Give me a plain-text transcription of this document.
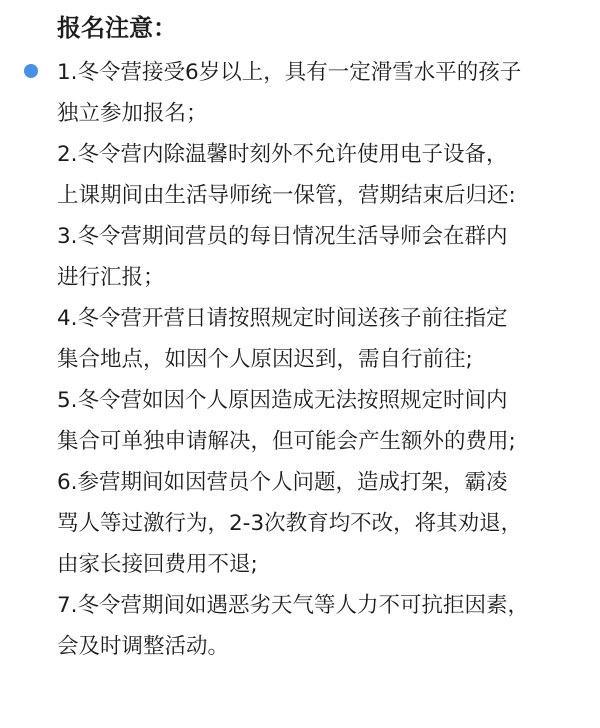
报名注意：
1.冬令营接受6岁以上，具有一定滑雪水平的孩子
独立参加报名；
2.冬令营内除温馨时刻外不允许使用电子设备，
上课期间由生活导师统一保管，营期结束后归还:
3.冬令营期间营员的每日情况生活导师会在群内
进行汇报；
4.冬令营开营日请按照规定时间送孩子前往指定
集合地点，如因个人原因迟到，需自行前往;
5.冬令营如因个人原因造成无法按照规定时间内
集合可单独申请解决，但可能会产生额外的费用;
6.参营期间如因营员个人问题，造成打架，霸凌
骂人等过激行为，2-3次教育均不改，将其劝退，
由家长接回费用不退;
7.冬令营期间如遇恶劣天气等人力不可抗拒因素，
会及时调整活动。
